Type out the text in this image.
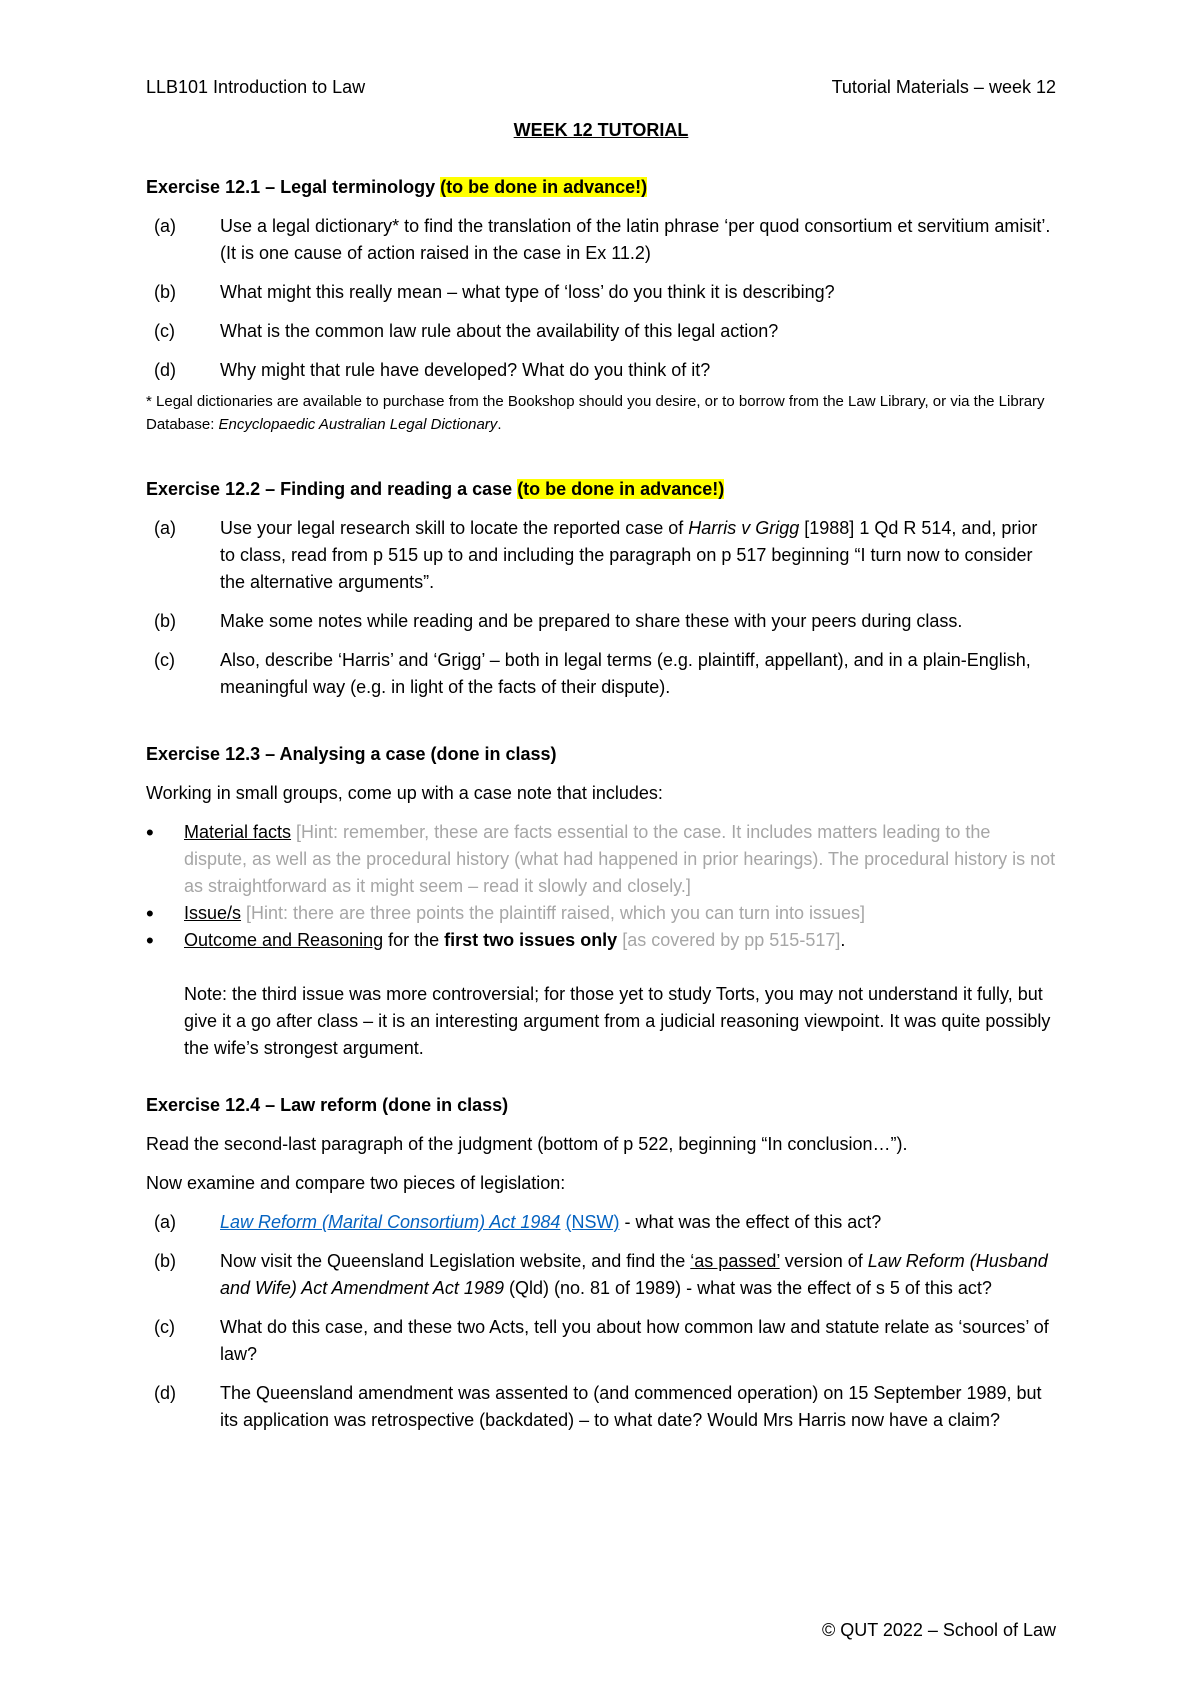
LLB101 Introduction to Law	Tutorial Materials – week 12
WEEK 12 TUTORIAL
Exercise 12.1 – Legal terminology (to be done in advance!)
(a)	Use a legal dictionary* to find the translation of the latin phrase ‘per quod consortium et servitium amisit’. (It is one cause of action raised in the case in Ex 11.2)
(b)	What might this really mean – what type of ‘loss’ do you think it is describing?
(c)	What is the common law rule about the availability of this legal action?
(d)	Why might that rule have developed? What do you think of it?
* Legal dictionaries are available to purchase from the Bookshop should you desire, or to borrow from the Law Library, or via the Library Database: Encyclopaedic Australian Legal Dictionary.
Exercise 12.2 – Finding and reading a case (to be done in advance!)
(a)	Use your legal research skill to locate the reported case of Harris v Grigg [1988] 1 Qd R 514, and, prior to class, read from p 515 up to and including the paragraph on p 517 beginning “I turn now to consider the alternative arguments”.
(b)	Make some notes while reading and be prepared to share these with your peers during class.
(c)	Also, describe ‘Harris’ and ‘Grigg’ – both in legal terms (e.g. plaintiff, appellant), and in a plain-English, meaningful way (e.g. in light of the facts of their dispute).
Exercise 12.3 – Analysing a case (done in class)
Working in small groups, come up with a case note that includes:
•	Material facts [Hint: remember, these are facts essential to the case. It includes matters leading to the dispute, as well as the procedural history (what had happened in prior hearings). The procedural history is not as straightforward as it might seem – read it slowly and closely.]
•	Issue/s [Hint: there are three points the plaintiff raised, which you can turn into issues]
•	Outcome and Reasoning for the first two issues only [as covered by pp 515-517].
Note: the third issue was more controversial; for those yet to study Torts, you may not understand it fully, but give it a go after class – it is an interesting argument from a judicial reasoning viewpoint. It was quite possibly the wife’s strongest argument.
Exercise 12.4 – Law reform (done in class)
Read the second-last paragraph of the judgment (bottom of p 522, beginning “In conclusion…”).
Now examine and compare two pieces of legislation:
(a)	Law Reform (Marital Consortium) Act 1984 (NSW) - what was the effect of this act?
(b)	Now visit the Queensland Legislation website, and find the ‘as passed’ version of Law Reform (Husband and Wife) Act Amendment Act 1989 (Qld) (no. 81 of 1989) - what was the effect of s 5 of this act?
(c)	What do this case, and these two Acts, tell you about how common law and statute relate as ‘sources’ of law?
(d)	The Queensland amendment was assented to (and commenced operation) on 15 September 1989, but its application was retrospective (backdated) – to what date? Would Mrs Harris now have a claim?
© QUT 2022 – School of Law
